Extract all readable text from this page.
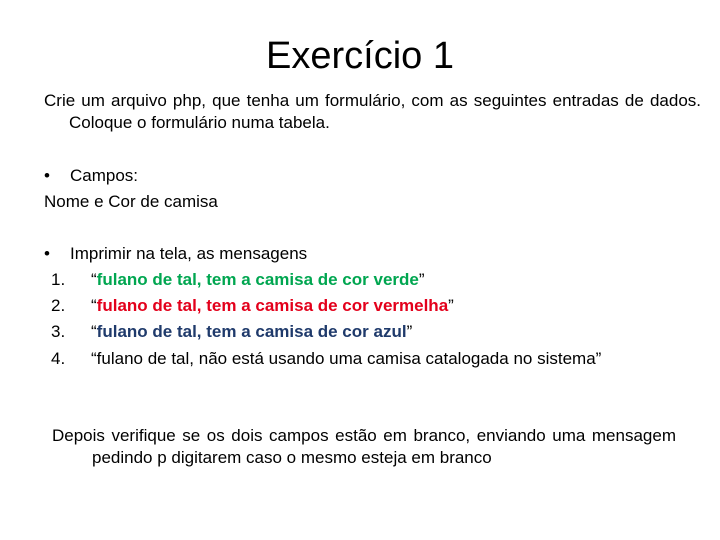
Exercício 1
Crie um arquivo php, que tenha um formulário, com as seguintes entradas de dados. Coloque o formulário numa tabela.
• Campos:
Nome e Cor de camisa
• Imprimir na tela, as mensagens
1.	“fulano de tal, tem a camisa de cor verde”
2.	“fulano de tal, tem a camisa de cor vermelha”
3.	“fulano de tal, tem a camisa de cor azul”
4.	“fulano de tal, não está usando uma camisa catalogada no sistema”
Depois verifique se os dois campos estão em branco, enviando uma mensagem pedindo p digitarem caso o mesmo esteja em branco
